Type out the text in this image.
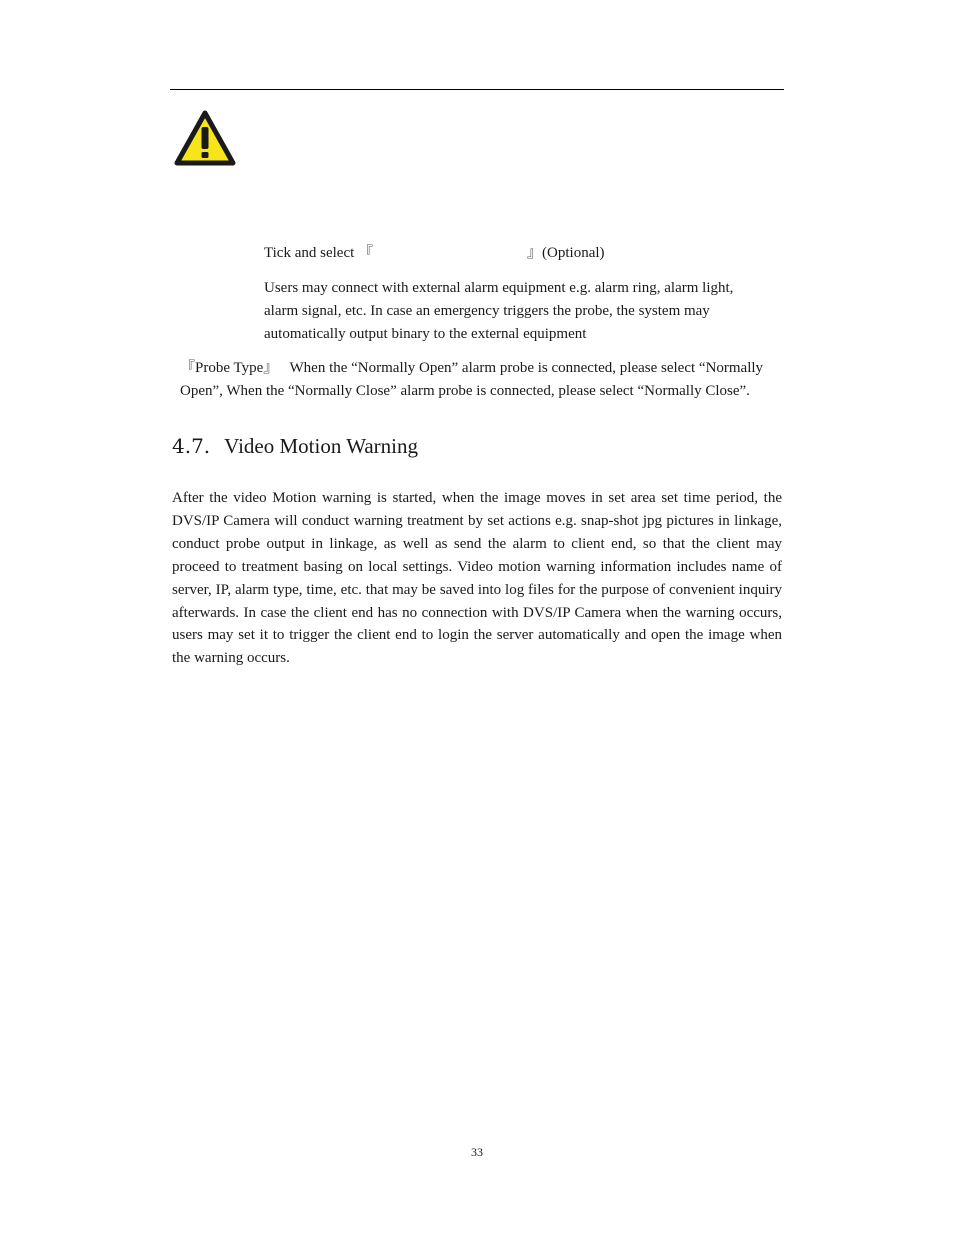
Tick and select 『	』(Optional)
Users may connect with external alarm equipment e.g. alarm ring, alarm light, alarm signal, etc. In case an emergency triggers the probe, the system may automatically output binary to the external equipment
『Probe Type』 When the “Normally Open” alarm probe is connected, please select “Normally Open”, When the “Normally Close” alarm probe is connected, please select “Normally Close”.
4.7. Video Motion Warning
After the video Motion warning is started, when the image moves in set area set time period, the DVS/IP Camera will conduct warning treatment by set actions e.g. snap-shot jpg pictures in linkage, conduct probe output in linkage, as well as send the alarm to client end, so that the client may proceed to treatment basing on local settings. Video motion warning information includes name of server, IP, alarm type, time, etc. that may be saved into log files for the purpose of convenient inquiry afterwards. In case the client end has no connection with DVS/IP Camera when the warning occurs, users may set it to trigger the client end to login the server automatically and open the image when the warning occurs.
33
